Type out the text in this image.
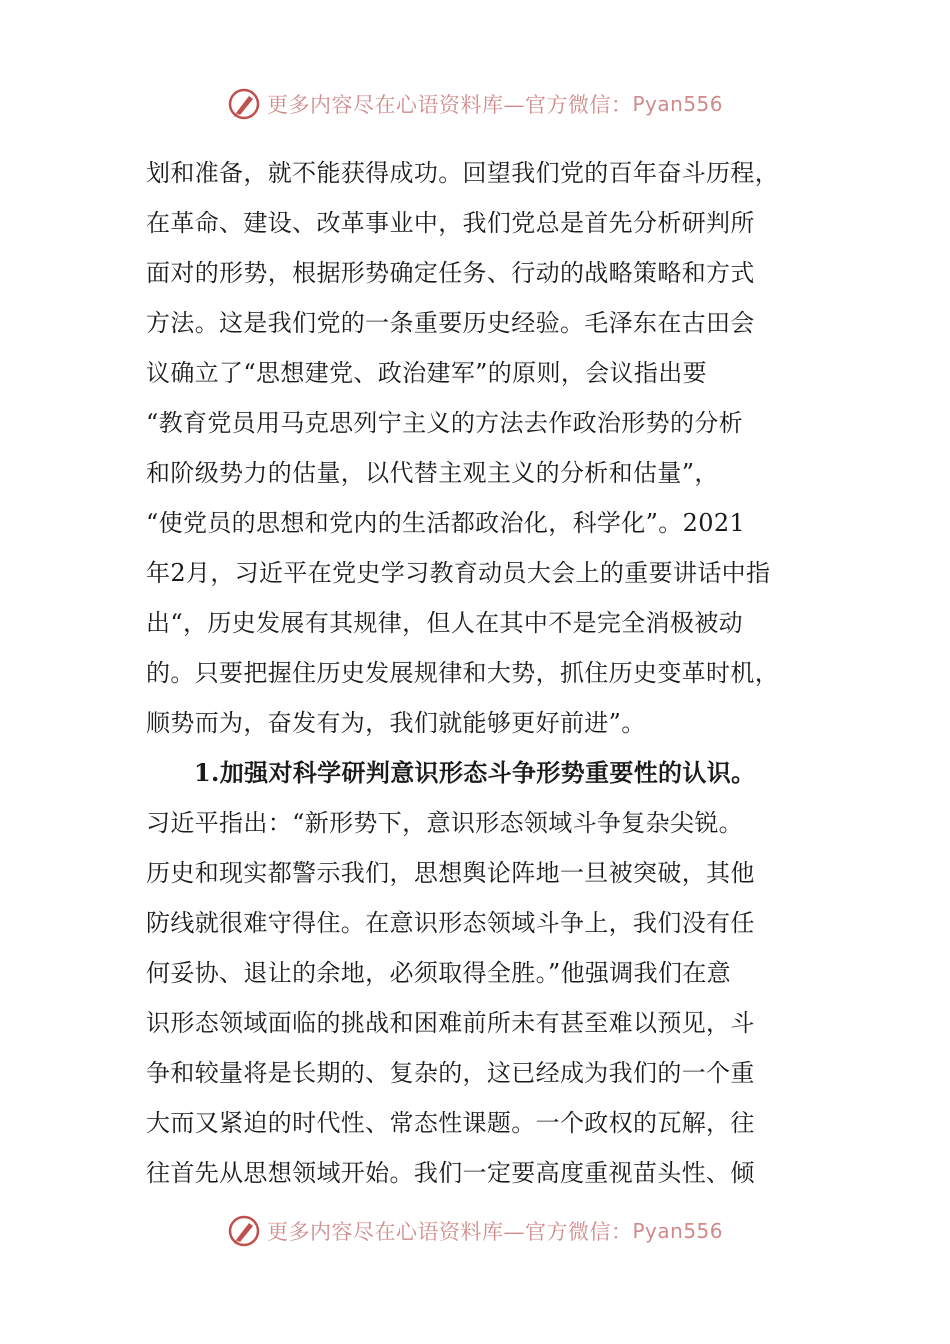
更多内容尽在心语资料库—官方微信： Pyan556
划和准备，就不能获得成功。回望我们党的百年奋斗历程，
在革命、建设、改革事业中，我们党总是首先分析研判所
面对的形势，根据形势确定任务、行动的战略策略和方式
方法。这是我们党的一条重要历史经验。毛泽东在古田会
议确立了“思想建党、政治建军”的原则，会议指出要
“教育党员用马克思列宁主义的方法去作政治形势的分析
和阶级势力的估量，以代替主观主义的分析和估量”，
“使党员的思想和党内的生活都政治化，科学化”。2021
年2月，习近平在党史学习教育动员大会上的重要讲话中指
出“，历史发展有其规律，但人在其中不是完全消极被动
的。只要把握住历史发展规律和大势，抓住历史变革时机，
顺势而为，奋发有为，我们就能够更好前进”。
1.加强对科学研判意识形态斗争形势重要性的认识。
习近平指出：“新形势下，意识形态领域斗争复杂尖锐。
历史和现实都警示我们，思想舆论阵地一旦被突破，其他
防线就很难守得住。在意识形态领域斗争上，我们没有任
何妥协、退让的余地，必须取得全胜。”他强调我们在意
识形态领域面临的挑战和困难前所未有甚至难以预见，斗
争和较量将是长期的、复杂的，这已经成为我们的一个重
大而又紧迫的时代性、常态性课题。一个政权的瓦解，往
往首先从思想领域开始。我们一定要高度重视苗头性、倾
更多内容尽在心语资料库—官方微信： Pyan556
